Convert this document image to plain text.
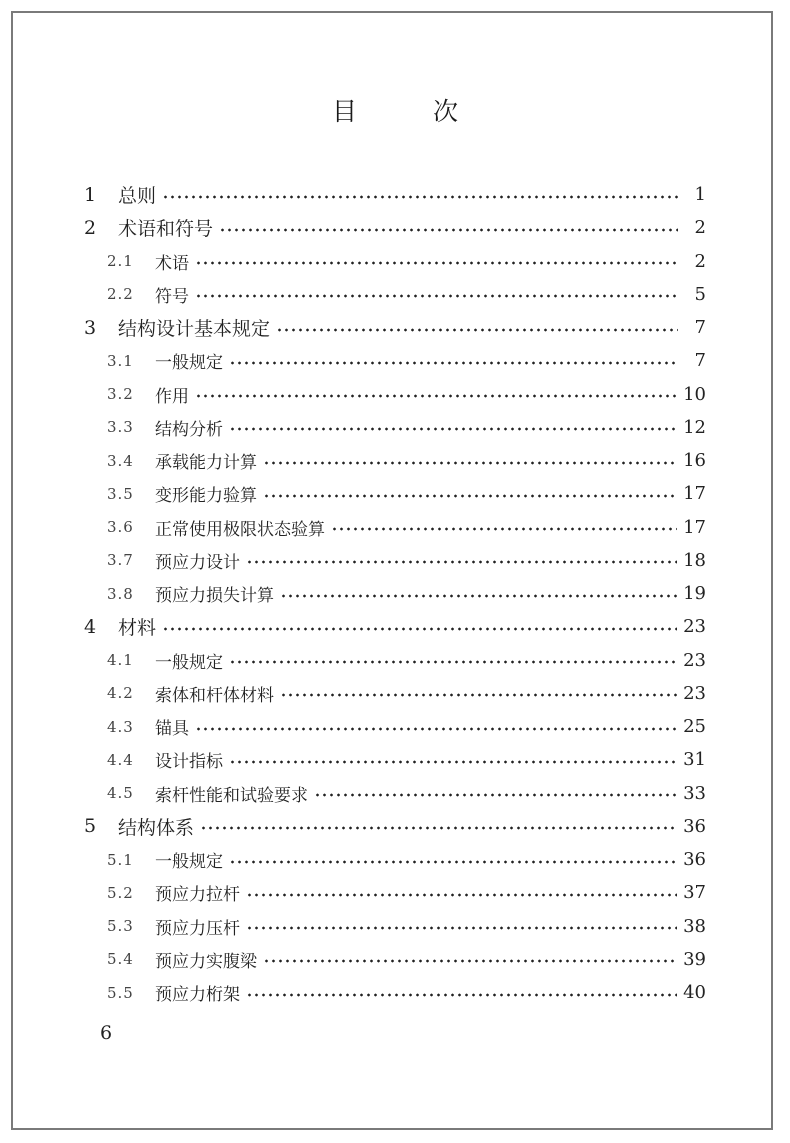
目	次
1	总则	1
2	术语和符号	2
2.1	术语	2
2.2	符号	5
3	结构设计基本规定	7
3.1	一般规定	7
3.2	作用	10
3.3	结构分析	12
3.4	承载能力计算	16
3.5	变形能力验算	17
3.6	正常使用极限状态验算	17
3.7	预应力设计	18
3.8	预应力损失计算	19
4	材料	23
4.1	一般规定	23
4.2	索体和杆体材料	23
4.3	锚具	25
4.4	设计指标	31
4.5	索杆性能和试验要求	33
5	结构体系	36
5.1	一般规定	36
5.2	预应力拉杆	37
5.3	预应力压杆	38
5.4	预应力实腹梁	39
5.5	预应力桁架	40
6
